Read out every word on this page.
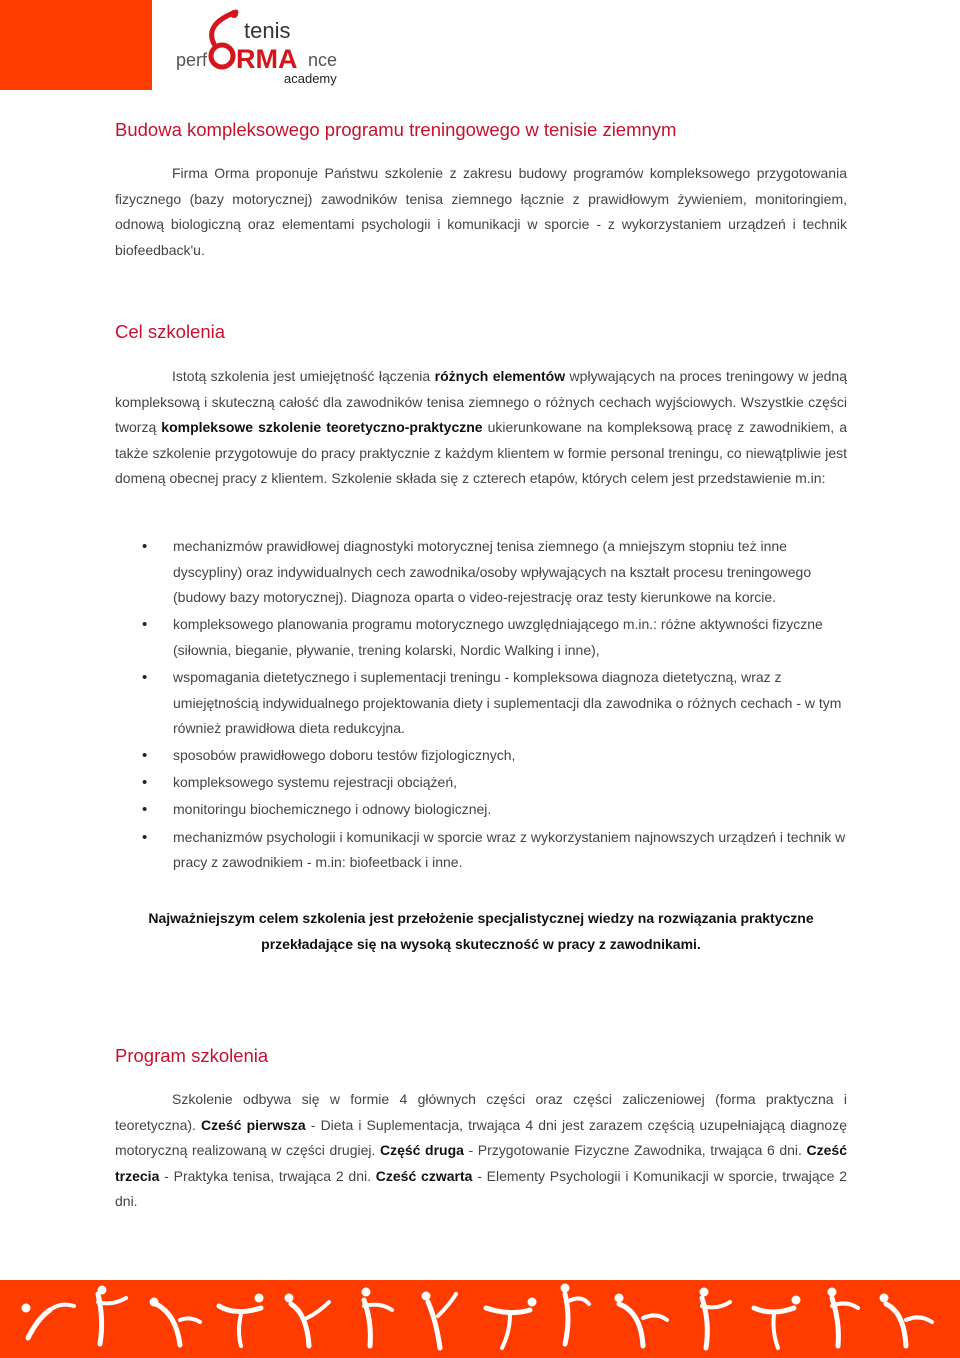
tenis
perf RMA nce
academy
Budowa kompleksowego programu treningowego w tenisie ziemnym

Firma Orma proponuje Państwu szkolenie z zakresu budowy programów kompleksowego przygotowania fizycznego (bazy motorycznej) zawodników tenisa ziemnego łącznie z prawidłowym żywieniem, monitoringiem, odnową biologiczną oraz elementami psychologii i komunikacji w sporcie - z wykorzystaniem urządzeń i technik biofeedback'u.

Cel szkolenia

Istotą szkolenia jest umiejętność łączenia różnych elementów wpływających na proces treningowy w jedną kompleksową i skuteczną całość dla zawodników tenisa ziemnego o różnych cechach wyjściowych. Wszystkie części tworzą kompleksowe szkolenie teoretyczno-praktyczne ukierunkowane na kompleksową pracę z zawodnikiem, a także szkolenie przygotowuje do pracy praktycznie z każdym klientem w formie personal treningu, co niewątpliwie jest domeną obecnej pracy z klientem. Szkolenie składa się z czterech etapów, których celem jest przedstawienie m.in:

• mechanizmów prawidłowej diagnostyki motorycznej tenisa ziemnego (a mniejszym stopniu też inne dyscypliny) oraz indywidualnych cech zawodnika/osoby wpływających na kształt procesu treningowego (budowy bazy motorycznej). Diagnoza oparta o video-rejestrację oraz testy kierunkowe na korcie.
• kompleksowego planowania programu motorycznego uwzględniającego m.in.: różne aktywności fizyczne (siłownia, bieganie, pływanie, trening kolarski, Nordic Walking i inne),
• wspomagania dietetycznego i suplementacji treningu - kompleksowa diagnoza dietetyczną, wraz z umiejętnością indywidualnego projektowania diety i suplementacji dla zawodnika o różnych cechach - w tym również prawidłowa dieta redukcyjna.
• sposobów prawidłowego doboru testów fizjologicznych,
• kompleksowego systemu rejestracji obciążeń,
• monitoringu biochemicznego i odnowy biologicznej.
• mechanizmów psychologii i komunikacji w sporcie wraz z wykorzystaniem najnowszych urządzeń i technik w pracy z zawodnikiem - m.in: biofeetback i inne.

Najważniejszym celem szkolenia jest przełożenie specjalistycznej wiedzy na rozwiązania praktyczne przekładające się na wysoką skuteczność w pracy z zawodnikami.

Program szkolenia

Szkolenie odbywa się w formie 4 głównych części oraz części zaliczeniowej (forma praktyczna i teoretyczna). Cześć pierwsza - Dieta i Suplementacja, trwająca 4 dni jest zarazem częścią uzupełniającą diagnozę motoryczną realizowaną w części drugiej. Część druga - Przygotowanie Fizyczne Zawodnika, trwająca 6 dni. Cześć trzecia - Praktyka tenisa, trwająca 2 dni. Cześć czwarta - Elementy Psychologii i Komunikacji w sporcie, trwające 2 dni.
